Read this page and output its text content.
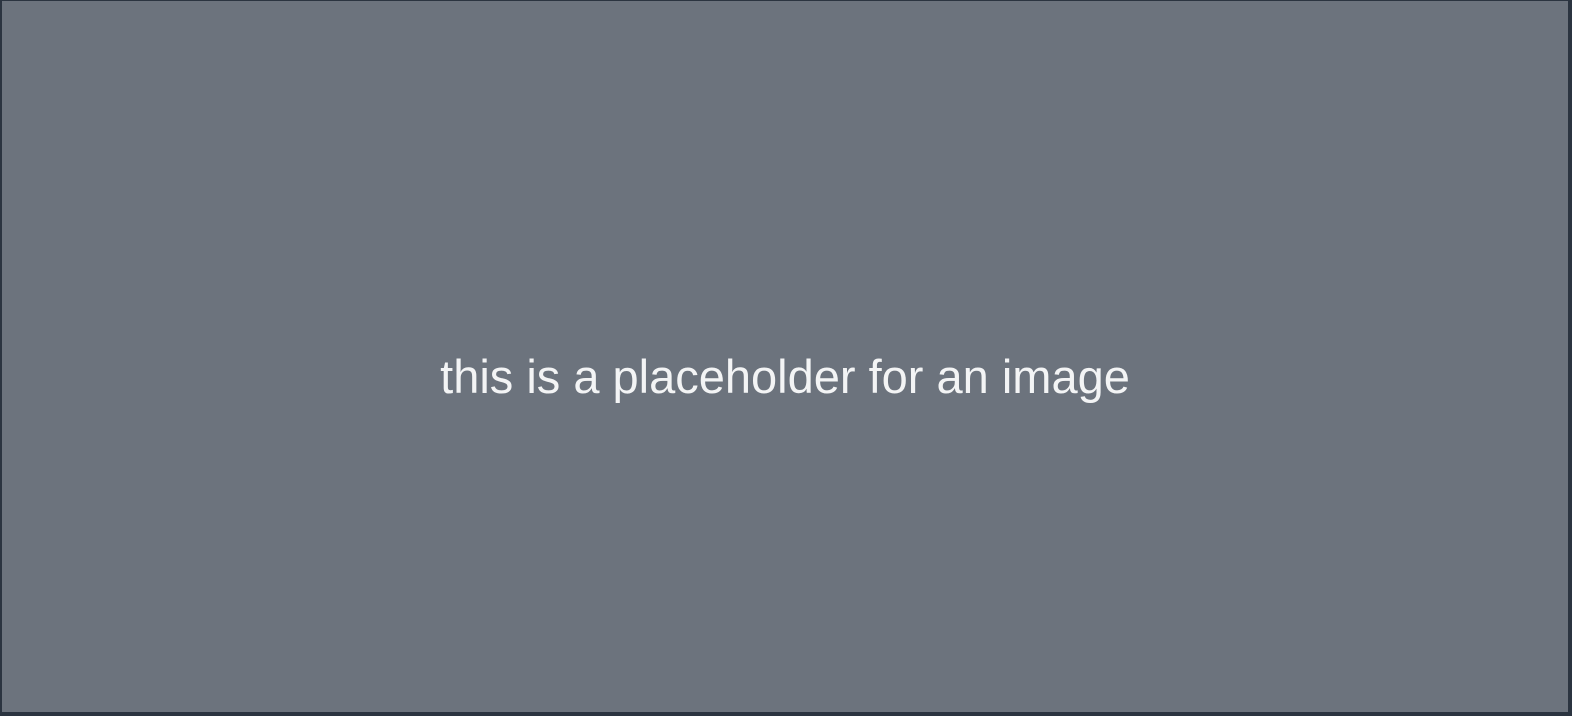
this is a placeholder for an image
